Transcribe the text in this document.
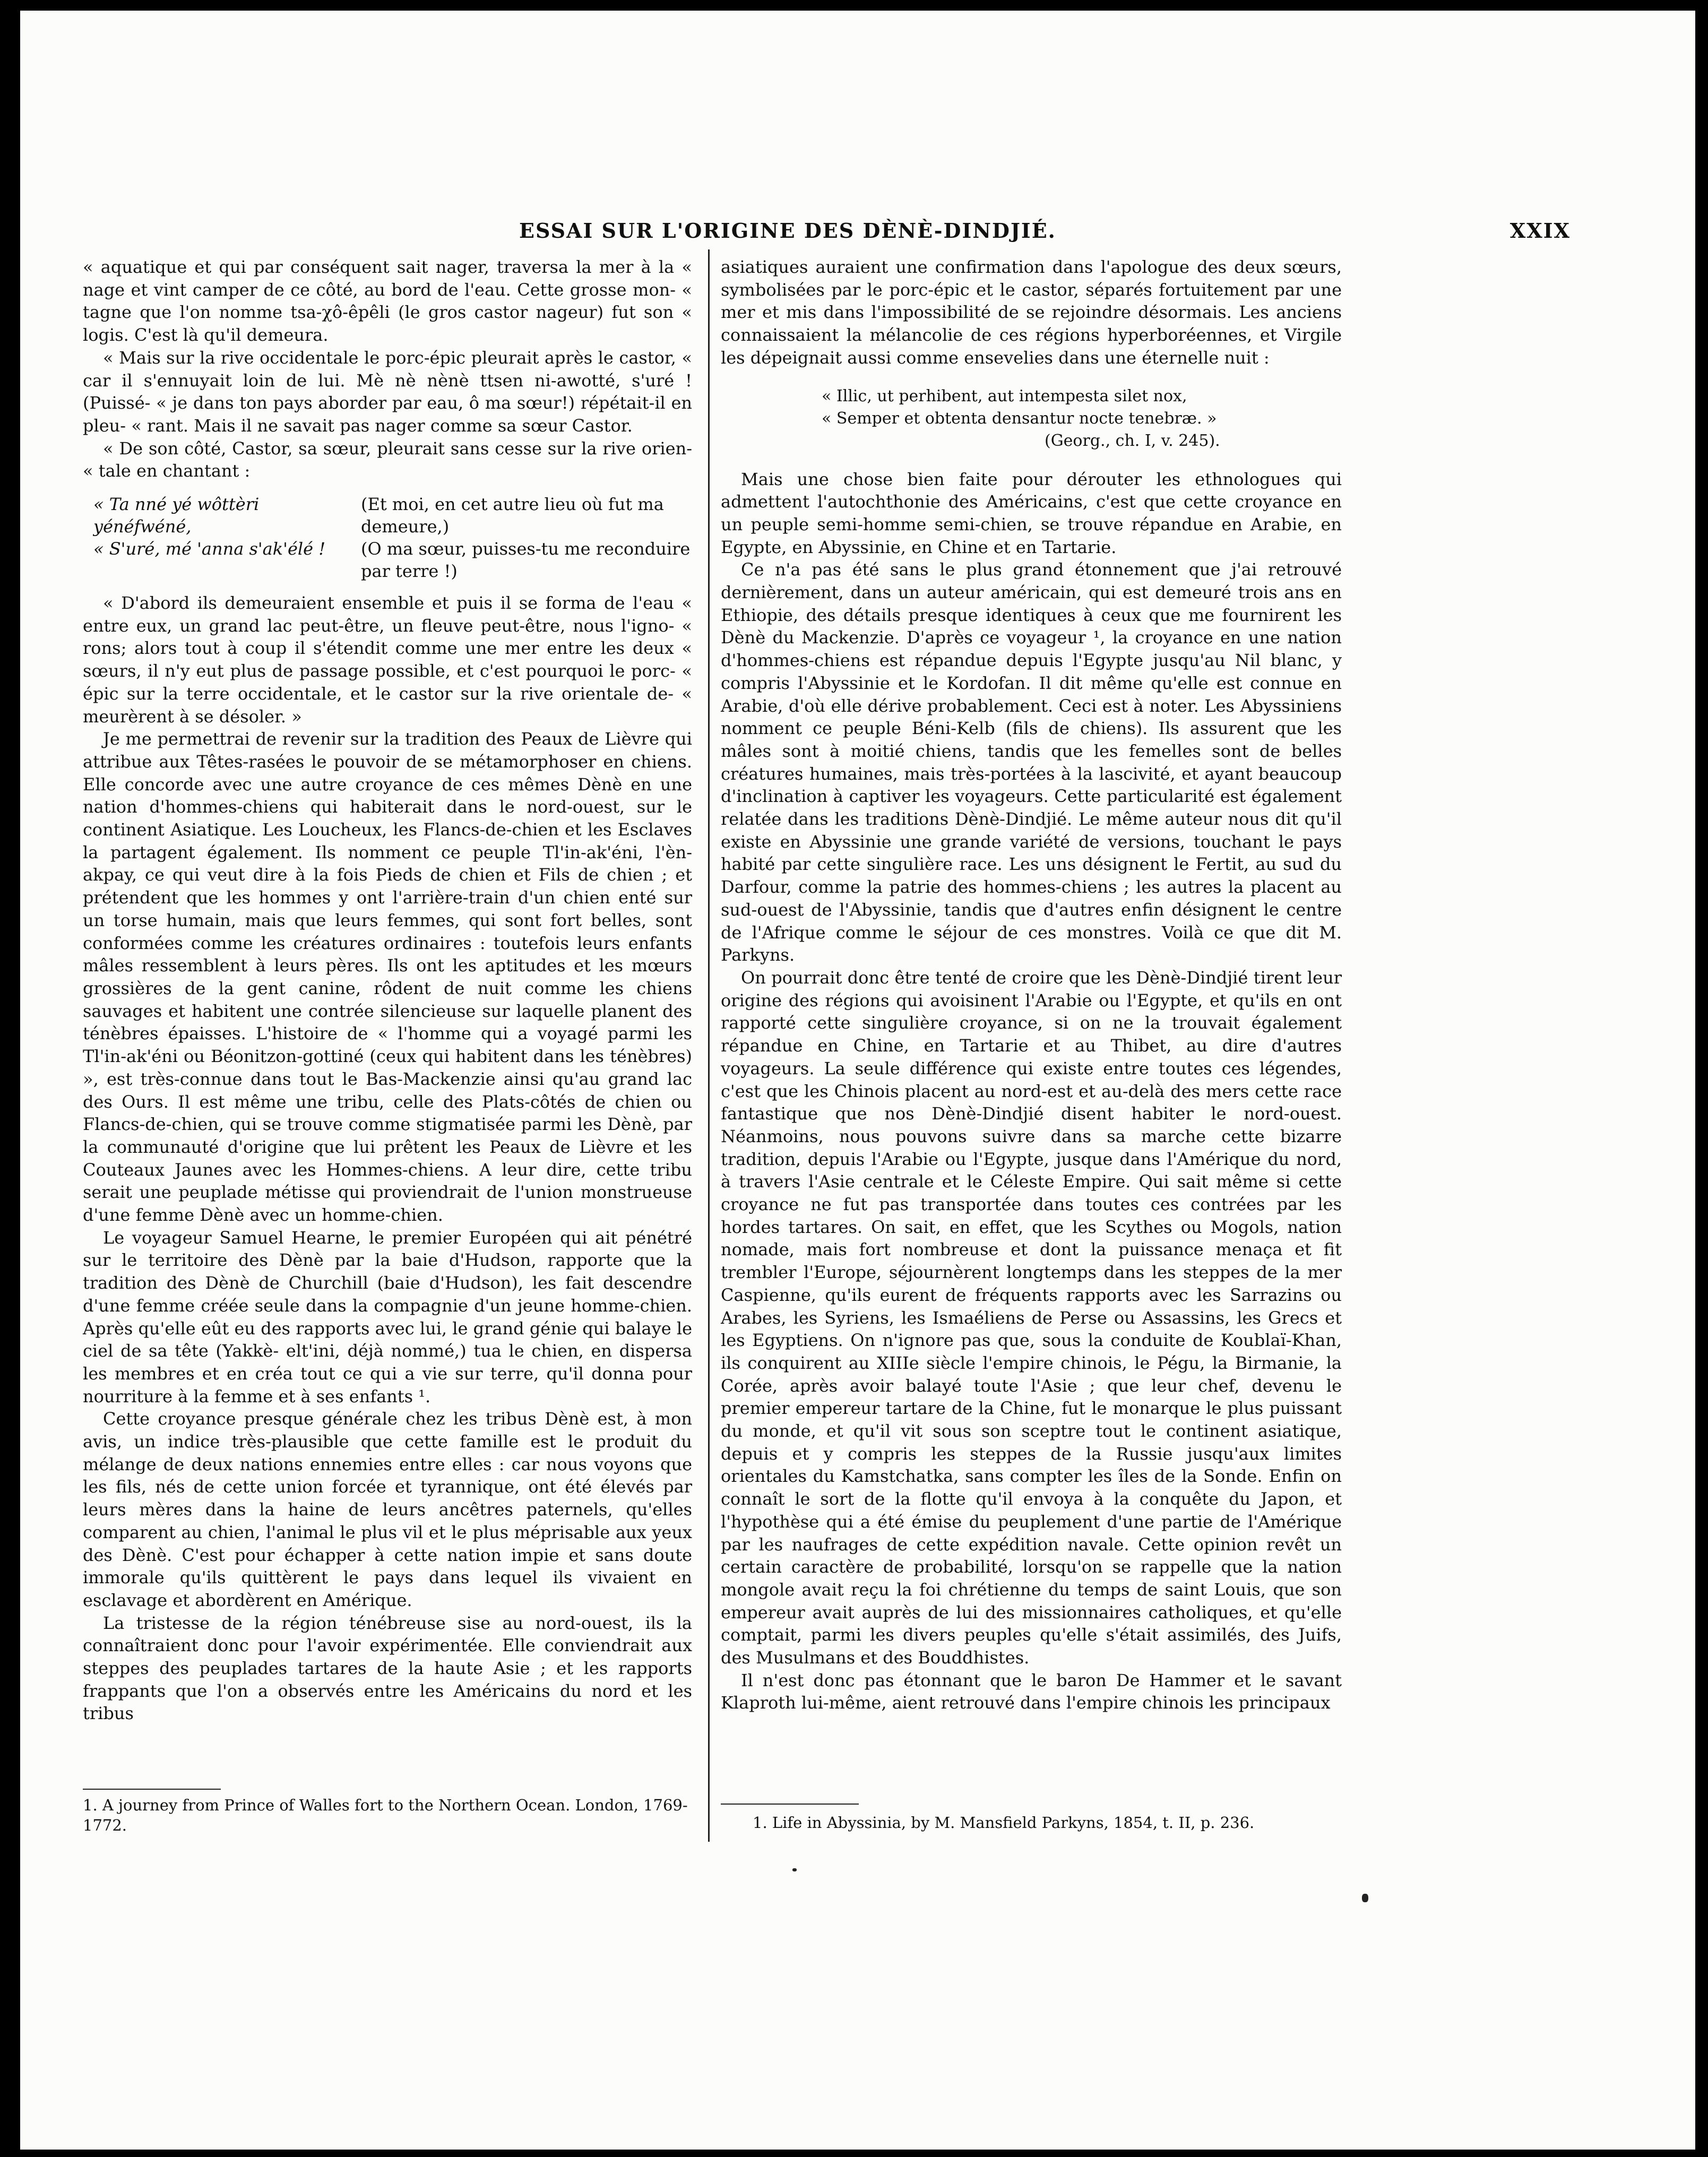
ESSAI SUR L'ORIGINE DES DÈNÈ-DINDJIÉ.	XXIX

« aquatique et qui par conséquent sait nager, traversa la mer à la « nage et vint camper de ce côté, au bord de l'eau. Cette grosse mon- « tagne que l'on nomme tsa-χô-êpêli (le gros castor nageur) fut son « logis. C'est là qu'il demeura.

« Mais sur la rive occidentale le porc-épic pleurait après le castor, « car il s'ennuyait loin de lui. Mè nè nènè ttsen ni-awotté, s'uré ! (Puissé- « je dans ton pays aborder par eau, ô ma sœur!) répétait-il en pleu- « rant. Mais il ne savait pas nager comme sa sœur Castor.

« De son côté, Castor, sa sœur, pleurait sans cesse sur la rive orien- « tale en chantant :

« Ta nné yé wôttèri yénéfwéné,
(Et moi, en cet autre lieu où fut ma demeure,)
« S'uré, mé 'anna s'ak'élé !	(O ma sœur, puisses-tu me reconduire par terre !)

« D'abord ils demeuraient ensemble et puis il se forma de l'eau « entre eux, un grand lac peut-être, un fleuve peut-être, nous l'igno- « rons; alors tout à coup il s'étendit comme une mer entre les deux « sœurs, il n'y eut plus de passage possible, et c'est pourquoi le porc- « épic sur la terre occidentale, et le castor sur la rive orientale de- « meurèrent à se désoler. »

Je me permettrai de revenir sur la tradition des Peaux de Lièvre qui attribue aux Têtes-rasées le pouvoir de se métamorphoser en chiens. Elle concorde avec une autre croyance de ces mêmes Dènè en une nation d'hommes-chiens qui habiterait dans le nord-ouest, sur le continent Asiatique. Les Loucheux, les Flancs-de-chien et les Esclaves la partagent également. Ils nomment ce peuple Tl'in-ak'éni, l'èn-akpay, ce qui veut dire à la fois Pieds de chien et Fils de chien ; et prétendent que les hommes y ont l'arrière-train d'un chien enté sur un torse humain, mais que leurs femmes, qui sont fort belles, sont conformées comme les créatures ordinaires : toutefois leurs enfants mâles ressemblent à leurs pères. Ils ont les aptitudes et les mœurs grossières de la gent canine, rôdent de nuit comme les chiens sauvages et habitent une contrée silencieuse sur laquelle planent des ténèbres épaisses. L'histoire de « l'homme qui a voyagé parmi les Tl'in-ak'éni ou Béonitzon-gottiné (ceux qui habitent dans les ténèbres) », est très-connue dans tout le Bas-Mackenzie ainsi qu'au grand lac des Ours. Il est même une tribu, celle des Plats-côtés de chien ou Flancs-de-chien, qui se trouve comme stigmatisée parmi les Dènè, par la communauté d'origine que lui prêtent les Peaux de Lièvre et les Couteaux Jaunes avec les Hommes-chiens. A leur dire, cette tribu serait une peuplade métisse qui proviendrait de l'union monstrueuse d'une femme Dènè avec un homme-chien.

Le voyageur Samuel Hearne, le premier Européen qui ait pénétré sur le territoire des Dènè par la baie d'Hudson, rapporte que la tradition des Dènè de Churchill (baie d'Hudson), les fait descendre d'une femme créée seule dans la compagnie d'un jeune homme-chien. Après qu'elle eût eu des rapports avec lui, le grand génie qui balaye le ciel de sa tête (Yakkè- elt'ini, déjà nommé,) tua le chien, en dispersa les membres et en créa tout ce qui a vie sur terre, qu'il donna pour nourriture à la femme et à ses enfants ¹.

Cette croyance presque générale chez les tribus Dènè est, à mon avis, un indice très-plausible que cette famille est le produit du mélange de deux nations ennemies entre elles : car nous voyons que les fils, nés de cette union forcée et tyrannique, ont été élevés par leurs mères dans la haine de leurs ancêtres paternels, qu'elles comparent au chien, l'animal le plus vil et le plus méprisable aux yeux des Dènè. C'est pour échapper à cette nation impie et sans doute immorale qu'ils quittèrent le pays dans lequel ils vivaient en esclavage et abordèrent en Amérique.

La tristesse de la région ténébreuse sise au nord-ouest, ils la connaîtraient donc pour l'avoir expérimentée. Elle conviendrait aux steppes des peuplades tartares de la haute Asie ; et les rapports frappants que l'on a observés entre les Américains du nord et les tribus

1. A journey from Prince of Walles fort to the Northern Ocean. London, 1769-1772.

asiatiques auraient une confirmation dans l'apologue des deux sœurs, symbolisées par le porc-épic et le castor, séparés fortuitement par une mer et mis dans l'impossibilité de se rejoindre désormais. Les anciens connaissaient la mélancolie de ces régions hyperboréennes, et Virgile les dépeignait aussi comme ensevelies dans une éternelle nuit :

« Illic, ut perhibent, aut intempesta silet nox,
« Semper et obtenta densantur nocte tenebræ. »
(Georg., ch. I, v. 245).

Mais une chose bien faite pour dérouter les ethnologues qui admettent l'autochthonie des Américains, c'est que cette croyance en un peuple semi-homme semi-chien, se trouve répandue en Arabie, en Egypte, en Abyssinie, en Chine et en Tartarie.

Ce n'a pas été sans le plus grand étonnement que j'ai retrouvé dernièrement, dans un auteur américain, qui est demeuré trois ans en Ethiopie, des détails presque identiques à ceux que me fournirent les Dènè du Mackenzie. D'après ce voyageur ¹, la croyance en une nation d'hommes-chiens est répandue depuis l'Egypte jusqu'au Nil blanc, y compris l'Abyssinie et le Kordofan. Il dit même qu'elle est connue en Arabie, d'où elle dérive probablement. Ceci est à noter. Les Abyssiniens nomment ce peuple Béni-Kelb (fils de chiens). Ils assurent que les mâles sont à moitié chiens, tandis que les femelles sont de belles créatures humaines, mais très-portées à la lascivité, et ayant beaucoup d'inclination à captiver les voyageurs. Cette particularité est également relatée dans les traditions Dènè-Dindjié. Le même auteur nous dit qu'il existe en Abyssinie une grande variété de versions, touchant le pays habité par cette singulière race. Les uns désignent le Fertit, au sud du Darfour, comme la patrie des hommes-chiens ; les autres la placent au sud-ouest de l'Abyssinie, tandis que d'autres enfin désignent le centre de l'Afrique comme le séjour de ces monstres. Voilà ce que dit M. Parkyns.

On pourrait donc être tenté de croire que les Dènè-Dindjié tirent leur origine des régions qui avoisinent l'Arabie ou l'Egypte, et qu'ils en ont rapporté cette singulière croyance, si on ne la trouvait également répandue en Chine, en Tartarie et au Thibet, au dire d'autres voyageurs. La seule différence qui existe entre toutes ces légendes, c'est que les Chinois placent au nord-est et au-delà des mers cette race fantastique que nos Dènè-Dindjié disent habiter le nord-ouest. Néanmoins, nous pouvons suivre dans sa marche cette bizarre tradition, depuis l'Arabie ou l'Egypte, jusque dans l'Amérique du nord, à travers l'Asie centrale et le Céleste Empire. Qui sait même si cette croyance ne fut pas transportée dans toutes ces contrées par les hordes tartares. On sait, en effet, que les Scythes ou Mogols, nation nomade, mais fort nombreuse et dont la puissance menaça et fit trembler l'Europe, séjournèrent longtemps dans les steppes de la mer Caspienne, qu'ils eurent de fréquents rapports avec les Sarrazins ou Arabes, les Syriens, les Ismaéliens de Perse ou Assassins, les Grecs et les Egyptiens. On n'ignore pas que, sous la conduite de Koublaï-Khan, ils conquirent au XIIIe siècle l'empire chinois, le Pégu, la Birmanie, la Corée, après avoir balayé toute l'Asie ; que leur chef, devenu le premier empereur tartare de la Chine, fut le monarque le plus puissant du monde, et qu'il vit sous son sceptre tout le continent asiatique, depuis et y compris les steppes de la Russie jusqu'aux limites orientales du Kamstchatka, sans compter les îles de la Sonde. Enfin on connaît le sort de la flotte qu'il envoya à la conquête du Japon, et l'hypothèse qui a été émise du peuplement d'une partie de l'Amérique par les naufrages de cette expédition navale. Cette opinion revêt un certain caractère de probabilité, lorsqu'on se rappelle que la nation mongole avait reçu la foi chrétienne du temps de saint Louis, que son empereur avait auprès de lui des missionnaires catholiques, et qu'elle comptait, parmi les divers peuples qu'elle s'était assimilés, des Juifs, des Musulmans et des Bouddhistes.

Il n'est donc pas étonnant que le baron De Hammer et le savant Klaproth lui-même, aient retrouvé dans l'empire chinois les principaux

1. Life in Abyssinia, by M. Mansfield Parkyns, 1854, t. II, p. 236.
